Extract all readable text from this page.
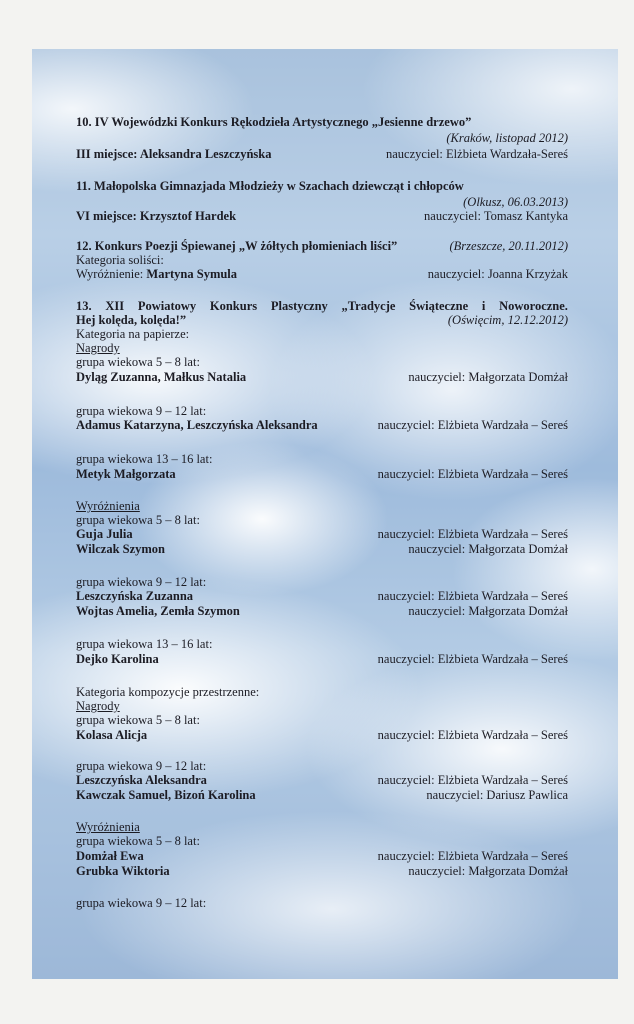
10. IV Wojewódzki Konkurs Rękodzieła Artystycznego „Jesienne drzewo”
(Kraków, listopad 2012)
III miejsce: Aleksandra Leszczyńska	nauczyciel: Elżbieta Wardzała-Sereś
11. Małopolska Gimnazjada Młodzieży w Szachach dziewcząt i chłopców
(Olkusz, 06.03.2013)
VI miejsce: Krzysztof Hardek	nauczyciel: Tomasz Kantyka
12. Konkurs Poezji Śpiewanej „W żółtych płomieniach liści”	(Brzeszcze, 20.11.2012)
Kategoria soliści:
Wyróżnienie: Martyna Symula	nauczyciel: Joanna Krzyżak
13. XII Powiatowy Konkurs Plastyczny „Tradycje Świąteczne i Noworoczne.
Hej kolęda, kolęda!”	(Oświęcim, 12.12.2012)
Kategoria na papierze:
Nagrody
grupa wiekowa 5 – 8 lat:
Dyląg Zuzanna, Małkus Natalia	nauczyciel: Małgorzata Domżał
grupa wiekowa 9 – 12 lat:
Adamus Katarzyna, Leszczyńska Aleksandra	nauczyciel: Elżbieta Wardzała – Sereś
grupa wiekowa 13 – 16 lat:
Metyk Małgorzata	nauczyciel: Elżbieta Wardzała – Sereś
Wyróżnienia
grupa wiekowa 5 – 8 lat:
Guja Julia	nauczyciel: Elżbieta Wardzała – Sereś
Wilczak Szymon	nauczyciel: Małgorzata Domżał
grupa wiekowa 9 – 12 lat:
Leszczyńska Zuzanna	nauczyciel: Elżbieta Wardzała – Sereś
Wojtas Amelia, Zemła Szymon	nauczyciel: Małgorzata Domżał
grupa wiekowa 13 – 16 lat:
Dejko Karolina	nauczyciel: Elżbieta Wardzała – Sereś
Kategoria kompozycje przestrzenne:
Nagrody
grupa wiekowa 5 – 8 lat:
Kolasa Alicja	nauczyciel: Elżbieta Wardzała – Sereś
grupa wiekowa 9 – 12 lat:
Leszczyńska Aleksandra	nauczyciel: Elżbieta Wardzała – Sereś
Kawczak Samuel, Bizoń Karolina	nauczyciel: Dariusz Pawlica
Wyróżnienia
grupa wiekowa 5 – 8 lat:
Domżał Ewa	nauczyciel: Elżbieta Wardzała – Sereś
Grubka Wiktoria	nauczyciel: Małgorzata Domżał
grupa wiekowa 9 – 12 lat:
